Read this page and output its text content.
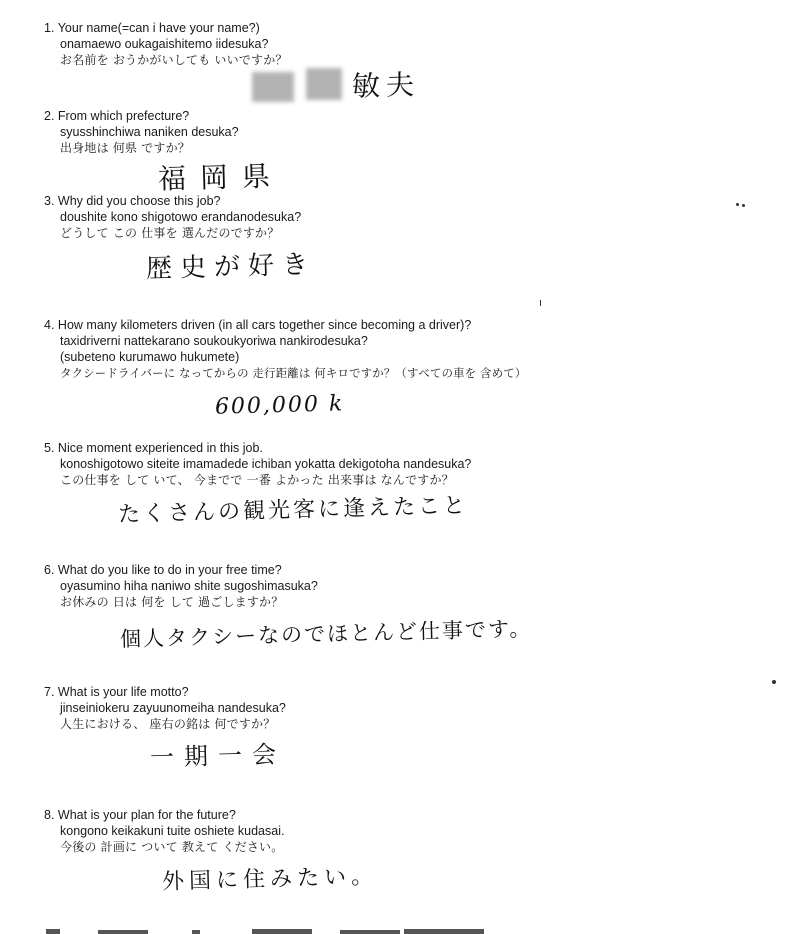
1. Your name(=can i have your name?)
onamaewo oukagaishitemo iidesuka?
お名前を おうかがいしても いいですか？
敏夫
2. From which prefecture?
syusshinchiwa naniken desuka?
出身地は 何県 ですか？
福岡県
3. Why did you choose this job?
doushite kono shigotowo erandanodesuka?
どうして この 仕事を 選んだのですか？
歴史が好き
4. How many kilometers driven (in all cars together since becoming a driver)?
taxidriverni nattekarano soukoukyoriwa nankirodesuka?
(subeteno kurumawo hukumete)
タクシードライバーに なってからの 走行距離は 何キロですか？（すべての車を 含めて）
600,000 k
5. Nice moment experienced in this job.
konoshigotowo siteite imamadede ichiban yokatta dekigotoha nandesuka?
この仕事を して いて、 今までで 一番 よかった 出来事は なんですか？
たくさんの観光客に逢えたこと
6. What do you like to do in your free time?
oyasumino hiha naniwo shite sugoshimasuka?
お休みの 日は 何を して 過ごしますか？
個人タクシーなのでほとんど仕事です。
7. What is your life motto?
jinseiniokeru zayuunomeiha nandesuka?
人生における、 座右の銘は 何ですか？
一期一会
8. What is your plan for the future?
kongono keikakuni tuite oshiete kudasai.
今後の 計画に ついて 教えて ください。
外国に住みたい。
